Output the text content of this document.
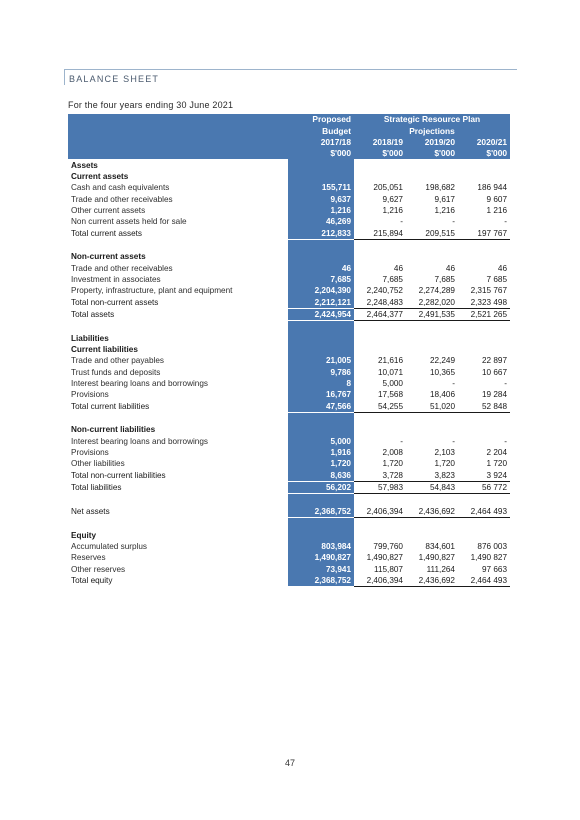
BALANCE SHEET
For the four years ending 30 June 2021
	Proposed	Strategic Resource Plan		
	Budget	Projections		
	2017/18	2018/19	2019/20	2020/21
	$'000	$'000	$'000	$'000
Assets				
Current assets				
Cash and cash equivalents	155,711	205,051	198,682	186 944
Trade and other receivables	9,637	9,627	9,617	9 607
Other current assets	1,216	1,216	1,216	1 216
Non current assets held for sale	46,269	-	-	-
Total current assets	212,833	215,894	209,515	197 767

Non-current assets				
Trade and other receivables	46	46	46	46
Investment in associates	7,685	7,685	7,685	7 685
Property, infrastructure, plant and equipment	2,204,390	2,240,752	2,274,289	2,315 767
Total non-current assets	2,212,121	2,248,483	2,282,020	2,323 498
Total assets	2,424,954	2,464,377	2,491,535	2,521 265

Liabilities				
Current liabilities				
Trade and other payables	21,005	21,616	22,249	22 897
Trust funds and deposits	9,786	10,071	10,365	10 667
Interest bearing loans and borrowings	8	5,000	-	-
Provisions	16,767	17,568	18,406	19 284
Total current liabilities	47,566	54,255	51,020	52 848

Non-current liabilities				
Interest bearing loans and borrowings	5,000	-	-	-
Provisions	1,916	2,008	2,103	2 204
Other liabilities	1,720	1,720	1,720	1 720
Total non-current liabilities	8,636	3,728	3,823	3 924
Total liabilities	56,202	57,983	54,843	56 772

Net assets	2,368,752	2,406,394	2,436,692	2,464 493

Equity				
Accumulated surplus	803,984	799,760	834,601	876 003
Reserves	1,490,827	1,490,827	1,490,827	1,490 827
Other reserves	73,941	115,807	111,264	97 663
Total equity	2,368,752	2,406,394	2,436,692	2,464 493
47
